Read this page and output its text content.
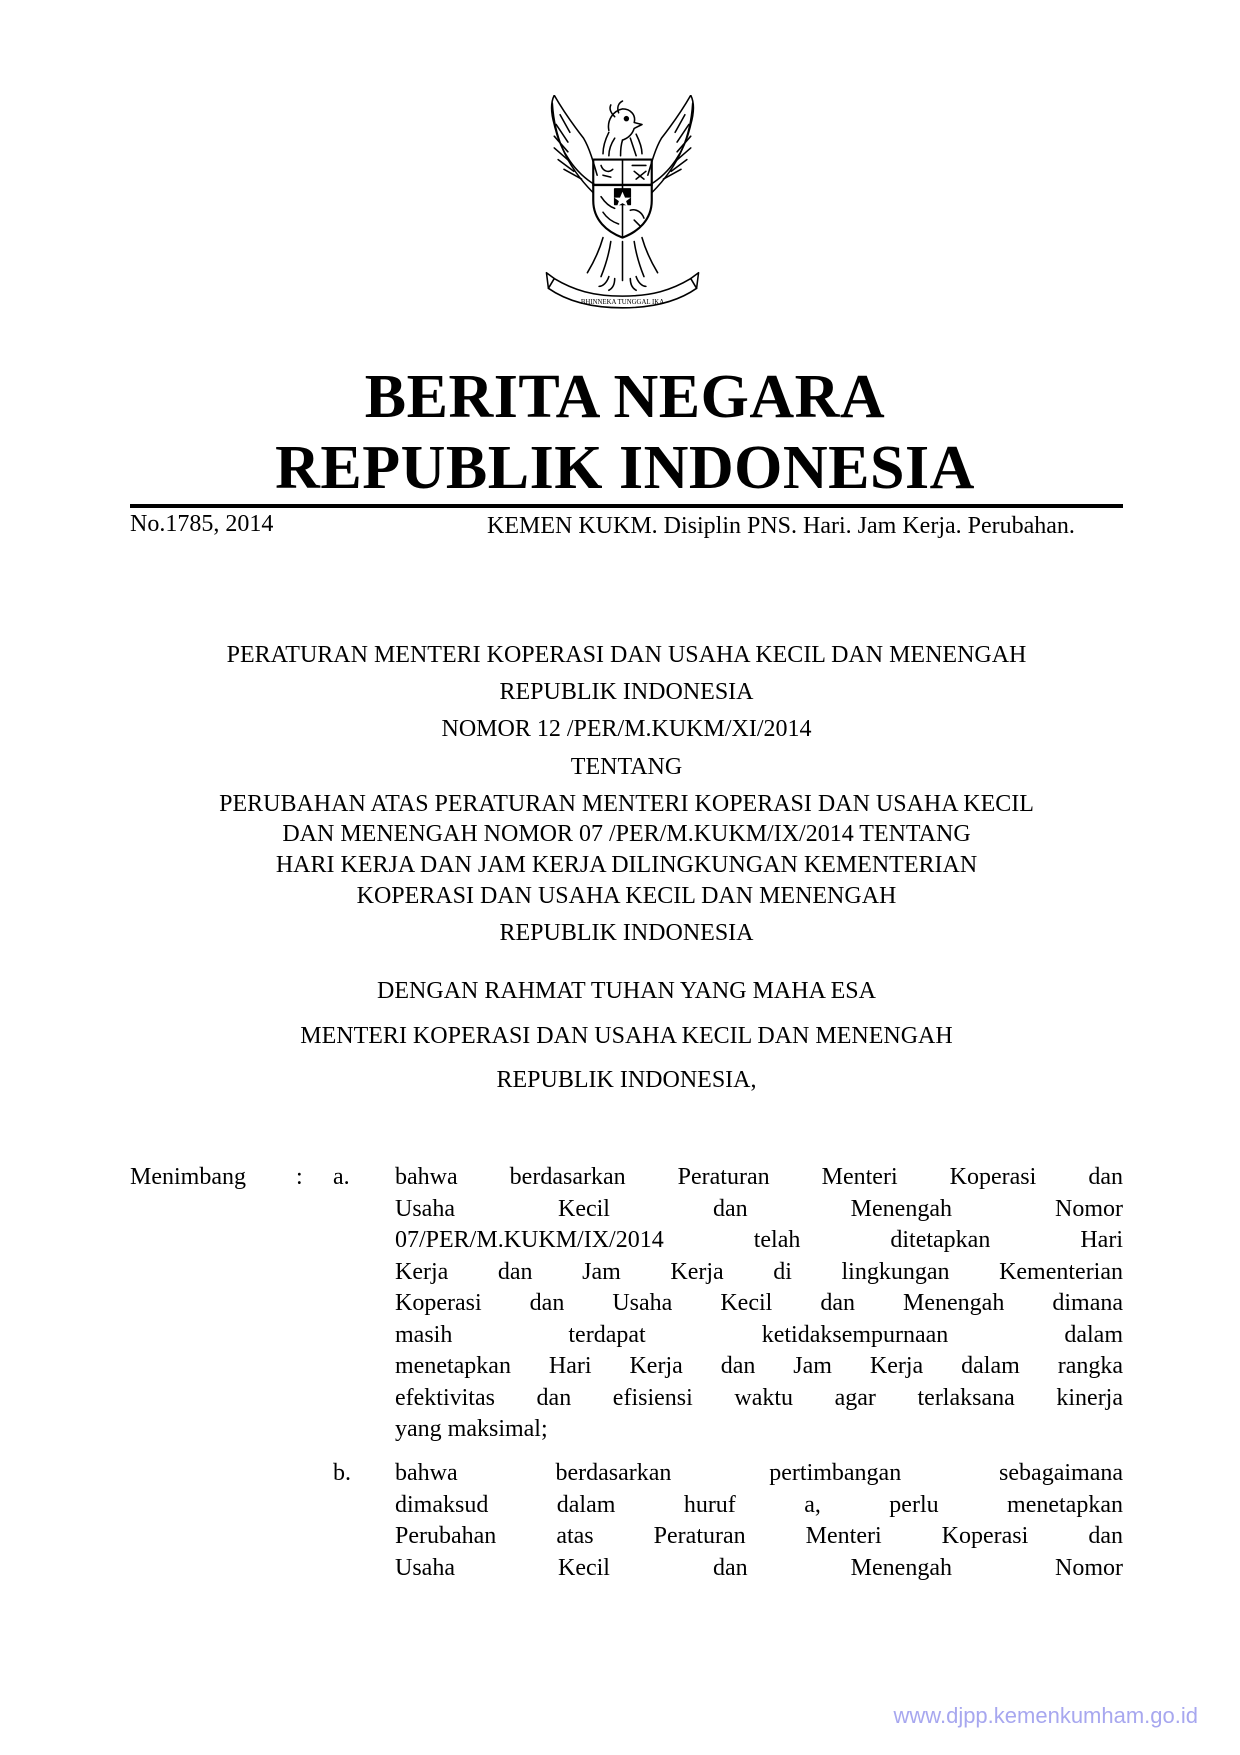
BHINNEKA TUNGGAL IKA
BERITA NEGARA
REPUBLIK INDONESIA
No.1785, 2014	KEMEN KUKM. Disiplin PNS. Hari. Jam Kerja. Perubahan.
PERATURAN MENTERI KOPERASI DAN USAHA KECIL DAN MENENGAH
REPUBLIK INDONESIA
NOMOR 12 /PER/M.KUKM/XI/2014
TENTANG
PERUBAHAN ATAS PERATURAN MENTERI KOPERASI DAN USAHA KECIL
DAN MENENGAH NOMOR 07 /PER/M.KUKM/IX/2014 TENTANG
HARI KERJA DAN JAM KERJA DILINGKUNGAN KEMENTERIAN
KOPERASI DAN USAHA KECIL DAN MENENGAH
REPUBLIK INDONESIA
DENGAN RAHMAT TUHAN YANG MAHA ESA
MENTERI KOPERASI DAN USAHA KECIL DAN MENENGAH
REPUBLIK INDONESIA,
Menimbang : a. bahwa berdasarkan Peraturan Menteri Koperasi dan
Usaha Kecil dan Menengah Nomor
07/PER/M.KUKM/IX/2014 telah ditetapkan Hari
Kerja dan Jam Kerja di lingkungan Kementerian
Koperasi dan Usaha Kecil dan Menengah dimana
masih terdapat ketidaksempurnaan dalam
menetapkan Hari Kerja dan Jam Kerja dalam rangka
efektivitas dan efisiensi waktu agar terlaksana kinerja
yang maksimal;
b. bahwa berdasarkan pertimbangan sebagaimana
dimaksud dalam huruf a, perlu menetapkan
Perubahan atas Peraturan Menteri Koperasi dan
Usaha Kecil dan Menengah Nomor
www.djpp.kemenkumham.go.id
